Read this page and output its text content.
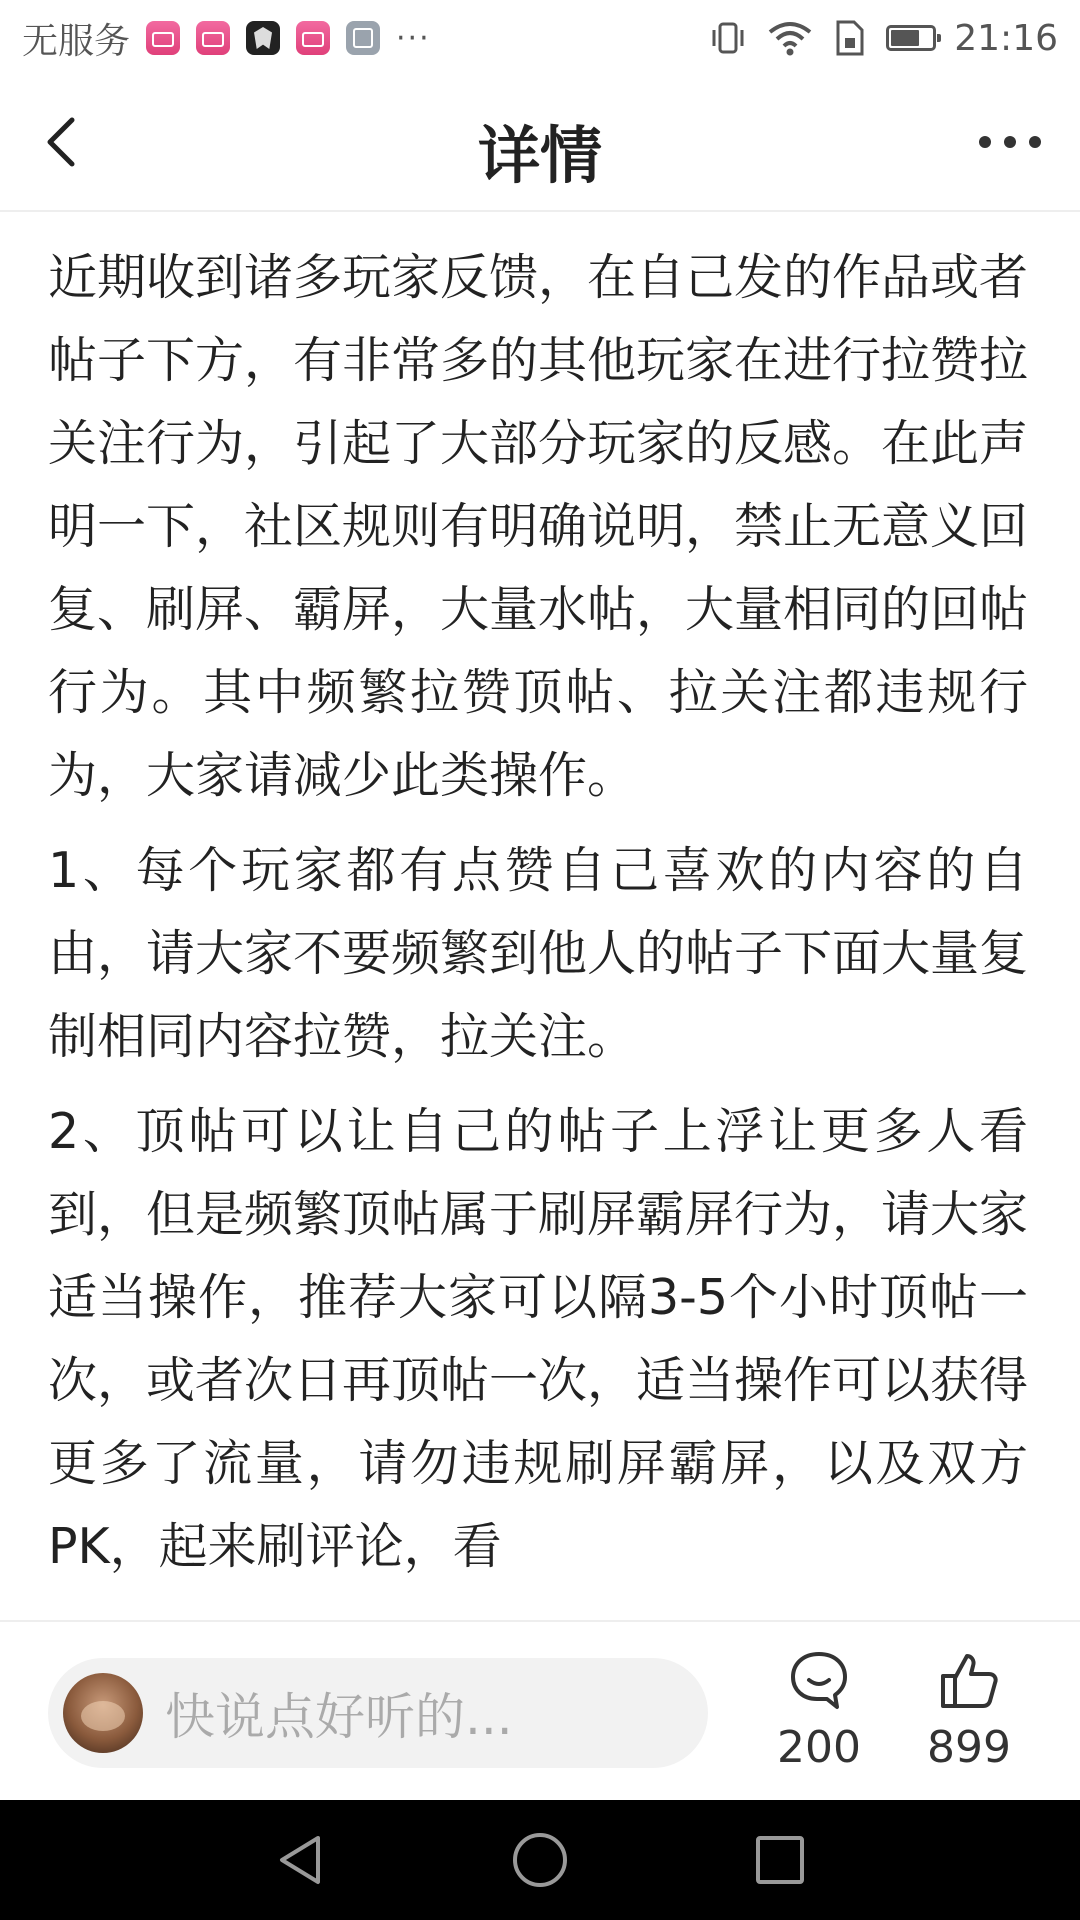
无服务	···	21:16
详情

近期收到诸多玩家反馈，在自己发的作品或者帖子下方，有非常多的其他玩家在进行拉赞拉关注行为，引起了大部分玩家的反感。在此声明一下，社区规则有明确说明，禁止无意义回复、刷屏、霸屏，大量水帖，大量相同的回帖行为。其中频繁拉赞顶帖、拉关注都违规行为，大家请减少此类操作。

1、每个玩家都有点赞自己喜欢的内容的自由，请大家不要频繁到他人的帖子下面大量复制相同内容拉赞，拉关注。

2、顶帖可以让自己的帖子上浮让更多人看到，但是频繁顶帖属于刷屏霸屏行为，请大家适当操作，推荐大家可以隔3-5个小时顶帖一次，或者次日再顶帖一次，适当操作可以获得更多了流量，请勿违规刷屏霸屏，以及双方PK，起来刷评论，看

快说点好听的...
200 899
